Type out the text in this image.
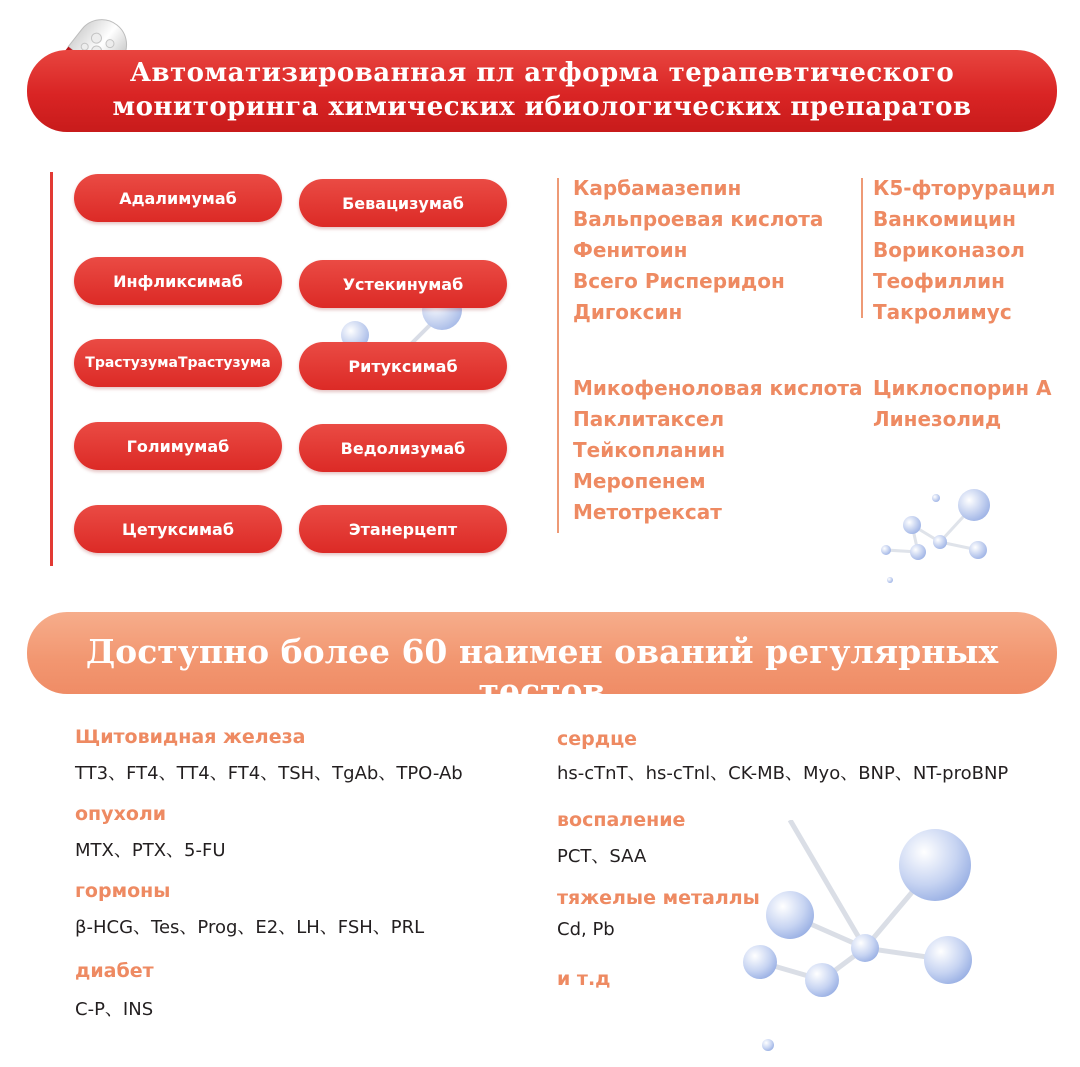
Автоматизированная пл атформа терапевтического
мониторинга химических ибиологических препаратов
Адалимумаб	Бевацизумаб
Инфликсимаб	Устекинумаб
ТрастузумаТрастузума	Ритуксимаб
Голимумаб	Ведолизумаб
Цетуксимаб	Этанерцепт
Карбамазепин
Вальпроевая кислота
Фенитоин
Всего Рисперидон
Дигоксин
Микофеноловая кислота
Паклитаксел
Тейкопланин
Меропенем
Метотрексат
К5-фторурацил
Ванкомицин
Вориконазол
Теофиллин
Такролимус
Циклоспорин А
Линезолид
Доступно более 60 наимен ований регулярных тестов
Щитовидная железа
TT3、FT4、TT4、FT4、TSH、TgAb、TPO-Ab
опухоли
MTX、PTX、5-FU
гормоны
β-HCG、Tes、Prog、E2、LH、FSH、PRL
диабет
C-P、INS
сердце
hs-cTnT、hs-cTnl、CK-MB、Myo、BNP、NT-proBNP
воспаление
PCT、SAA
тяжелые металлы
Cd, Pb
и т.д
